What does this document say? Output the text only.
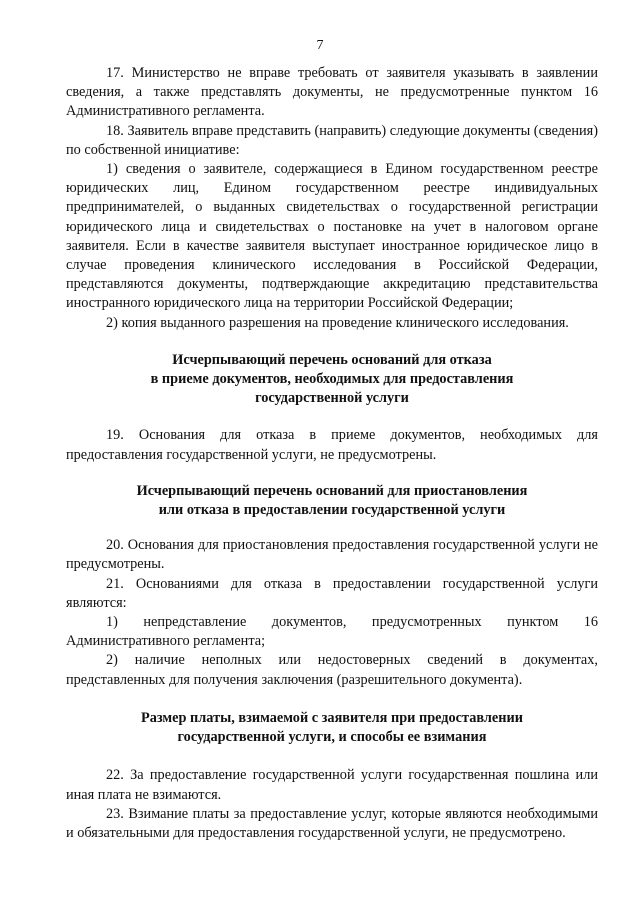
7

17. Министерство не вправе требовать от заявителя указывать в заявлении сведения, а также представлять документы, не предусмотренные пунктом 16 Административного регламента.

18. Заявитель вправе представить (направить) следующие документы (сведения) по собственной инициативе:

1) сведения о заявителе, содержащиеся в Едином государственном реестре юридических лиц, Едином государственном реестре индивидуальных предпринимателей, о выданных свидетельствах о государственной регистрации юридического лица и свидетельствах о постановке на учет в налоговом органе заявителя. Если в качестве заявителя выступает иностранное юридическое лицо в случае проведения клинического исследования в Российской Федерации, представляются документы, подтверждающие аккредитацию представительства иностранного юридического лица на территории Российской Федерации;

2) копия выданного разрешения на проведение клинического исследования.

Исчерпывающий перечень оснований для отказа
в приеме документов, необходимых для предоставления
государственной услуги

19. Основания для отказа в приеме документов, необходимых для предоставления государственной услуги, не предусмотрены.

Исчерпывающий перечень оснований для приостановления
или отказа в предоставлении государственной услуги

20. Основания для приостановления предоставления государственной услуги не предусмотрены.

21. Основаниями для отказа в предоставлении государственной услуги являются:

1) непредставление документов, предусмотренных пунктом 16 Административного регламента;

2) наличие неполных или недостоверных сведений в документах, представленных для получения заключения (разрешительного документа).

Размер платы, взимаемой с заявителя при предоставлении
государственной услуги, и способы ее взимания

22. За предоставление государственной услуги государственная пошлина или иная плата не взимаются.

23. Взимание платы за предоставление услуг, которые являются необходимыми и обязательными для предоставления государственной услуги, не предусмотрено.
